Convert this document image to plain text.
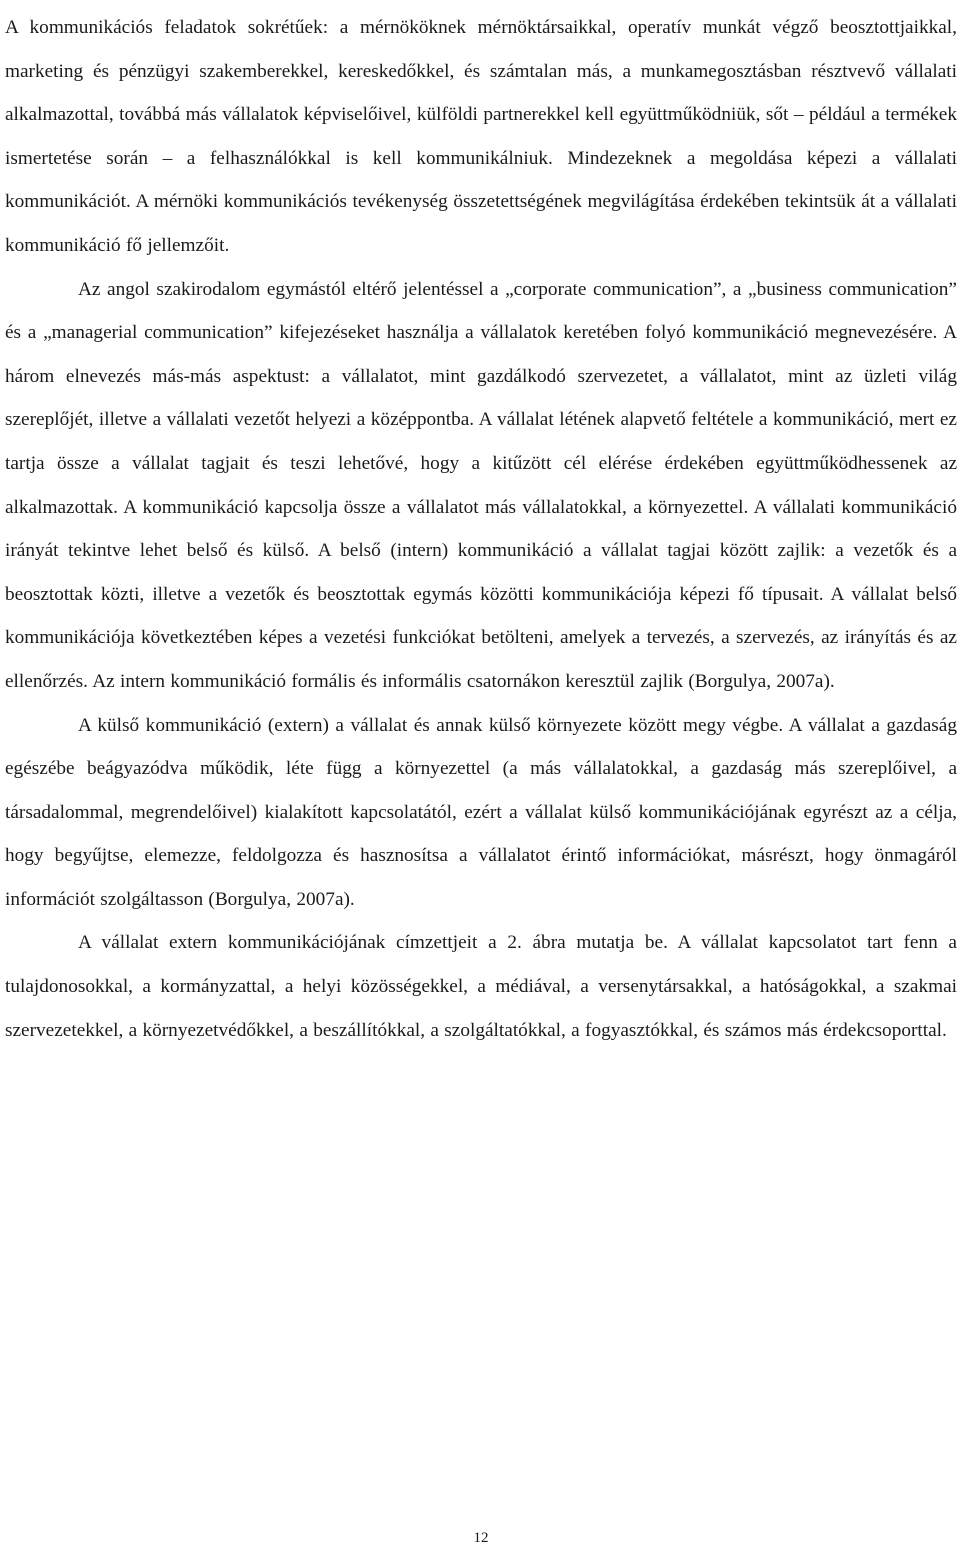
A kommunikációs feladatok sokrétűek: a mérnököknek mérnöktársaikkal, operatív munkát végző beosztottjaikkal, marketing és pénzügyi szakemberekkel, kereskedőkkel, és számtalan más, a munkamegosztásban résztvevő vállalati alkalmazottal, továbbá más vállalatok képviselőivel, külföldi partnerekkel kell együttműködniük, sőt – például a termékek ismertetése során – a felhasználókkal is kell kommunikálniuk. Mindezeknek a megoldása képezi a vállalati kommunikációt. A mérnöki kommunikációs tevékenység összetettségének megvilágítása érdekében tekintsük át a vállalati kommunikáció fő jellemzőit.

Az angol szakirodalom egymástól eltérő jelentéssel a „corporate communication”, a „business communication” és a „managerial communication” kifejezéseket használja a vállalatok keretében folyó kommunikáció megnevezésére. A három elnevezés más-más aspektust: a vállalatot, mint gazdálkodó szervezetet, a vállalatot, mint az üzleti világ szereplőjét, illetve a vállalati vezetőt helyezi a középpontba. A vállalat létének alapvető feltétele a kommunikáció, mert ez tartja össze a vállalat tagjait és teszi lehetővé, hogy a kitűzött cél elérése érdekében együttműködhessenek az alkalmazottak. A kommunikáció kapcsolja össze a vállalatot más vállalatokkal, a környezettel. A vállalati kommunikáció irányát tekintve lehet belső és külső. A belső (intern) kommunikáció a vállalat tagjai között zajlik: a vezetők és a beosztottak közti, illetve a vezetők és beosztottak egymás közötti kommunikációja képezi fő típusait. A vállalat belső kommunikációja következtében képes a vezetési funkciókat betölteni, amelyek a tervezés, a szervezés, az irányítás és az ellenőrzés. Az intern kommunikáció formális és informális csatornákon keresztül zajlik (Borgulya, 2007a).

A külső kommunikáció (extern) a vállalat és annak külső környezete között megy végbe. A vállalat a gazdaság egészébe beágyazódva működik, léte függ a környezettel (a más vállalatokkal, a gazdaság más szereplőivel, a társadalommal, megrendelőivel) kialakított kapcsolatától, ezért a vállalat külső kommunikációjának egyrészt az a célja, hogy begyűjtse, elemezze, feldolgozza és hasznosítsa a vállalatot érintő információkat, másrészt, hogy önmagáról információt szolgáltasson (Borgulya, 2007a).

A vállalat extern kommunikációjának címzettjeit a 2. ábra mutatja be. A vállalat kapcsolatot tart fenn a tulajdonosokkal, a kormányzattal, a helyi közösségekkel, a médiával, a versenytársakkal, a hatóságokkal, a szakmai szervezetekkel, a környezetvédőkkel, a beszállítókkal, a szolgáltatókkal, a fogyasztókkal, és számos más érdekcsoporttal.

12
